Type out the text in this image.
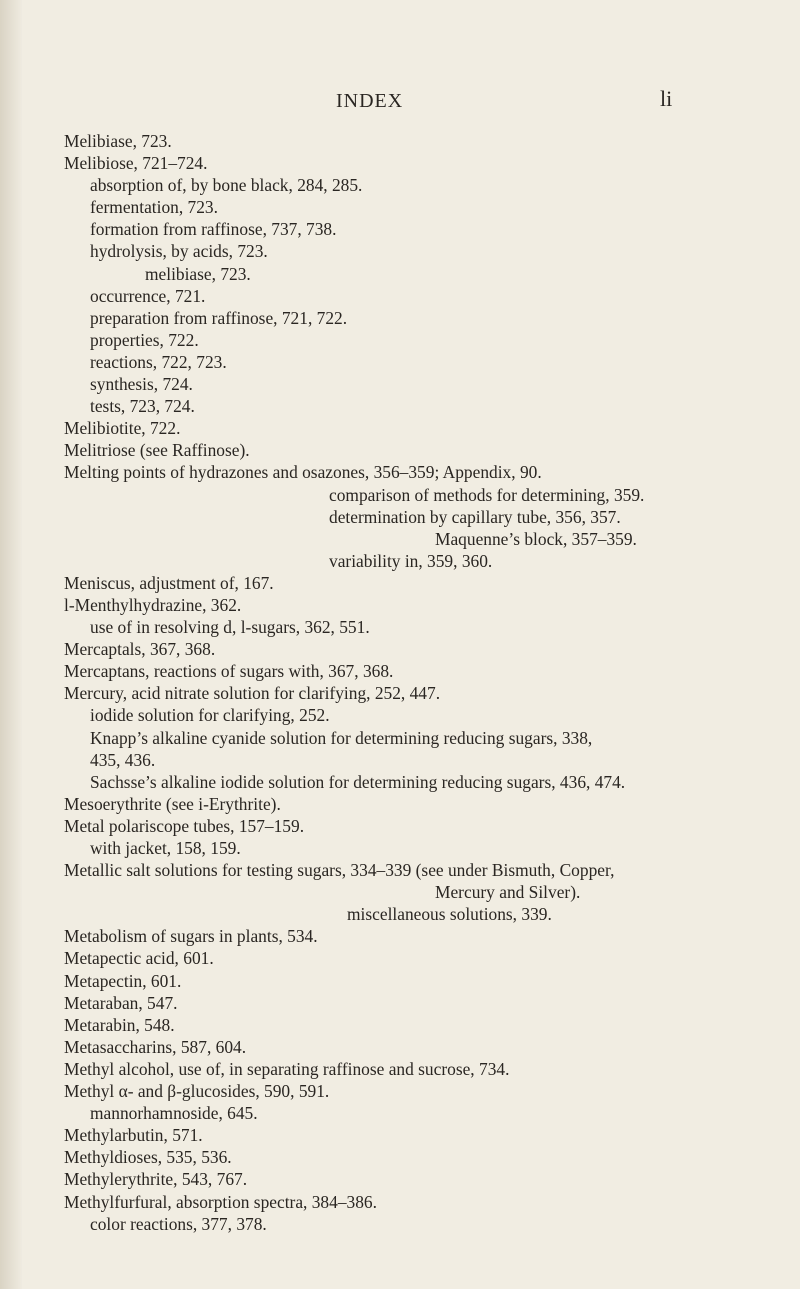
INDEX	li
Melibiase, 723.
Melibiose, 721–724.
absorption of, by bone black, 284, 285.
fermentation, 723.
formation from raffinose, 737, 738.
hydrolysis, by acids, 723.
melibiase, 723.
occurrence, 721.
preparation from raffinose, 721, 722.
properties, 722.
reactions, 722, 723.
synthesis, 724.
tests, 723, 724.
Melibiotite, 722.
Melitriose (see Raffinose).
Melting points of hydrazones and osazones, 356–359; Appendix, 90.
comparison of methods for determining, 359.
determination by capillary tube, 356, 357.
Maquenne’s block, 357–359.
variability in, 359, 360.
Meniscus, adjustment of, 167.
l-Menthylhydrazine, 362.
use of in resolving d, l-sugars, 362, 551.
Mercaptals, 367, 368.
Mercaptans, reactions of sugars with, 367, 368.
Mercury, acid nitrate solution for clarifying, 252, 447.
iodide solution for clarifying, 252.
Knapp’s alkaline cyanide solution for determining reducing sugars, 338,
435, 436.
Sachsse’s alkaline iodide solution for determining reducing sugars, 436, 474.
Mesoerythrite (see i-Erythrite).
Metal polariscope tubes, 157–159.
with jacket, 158, 159.
Metallic salt solutions for testing sugars, 334–339 (see under Bismuth, Copper,
Mercury and Silver).
miscellaneous solutions, 339.
Metabolism of sugars in plants, 534.
Metapectic acid, 601.
Metapectin, 601.
Metaraban, 547.
Metarabin, 548.
Metasaccharins, 587, 604.
Methyl alcohol, use of, in separating raffinose and sucrose, 734.
Methyl α- and β-glucosides, 590, 591.
mannorhamnoside, 645.
Methylarbutin, 571.
Methyldioses, 535, 536.
Methylerythrite, 543, 767.
Methylfurfural, absorption spectra, 384–386.
color reactions, 377, 378.
